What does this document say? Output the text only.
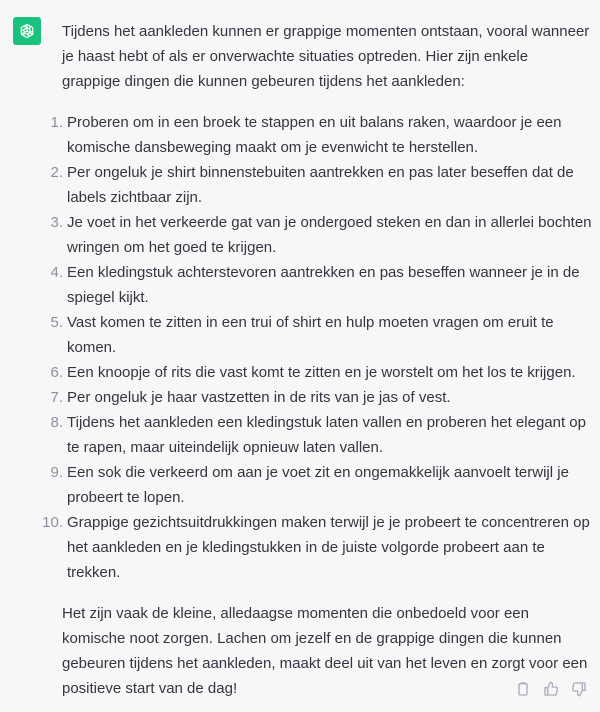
Tijdens het aankleden kunnen er grappige momenten ontstaan, vooral wanneer je haast hebt of als er onverwachte situaties optreden. Hier zijn enkele grappige dingen die kunnen gebeuren tijdens het aankleden:

1. Proberen om in een broek te stappen en uit balans raken, waardoor je een komische dansbeweging maakt om je evenwicht te herstellen.
2. Per ongeluk je shirt binnenstebuiten aantrekken en pas later beseffen dat de labels zichtbaar zijn.
3. Je voet in het verkeerde gat van je ondergoed steken en dan in allerlei bochten wringen om het goed te krijgen.
4. Een kledingstuk achterstevoren aantrekken en pas beseffen wanneer je in de spiegel kijkt.
5. Vast komen te zitten in een trui of shirt en hulp moeten vragen om eruit te komen.
6. Een knoopje of rits die vast komt te zitten en je worstelt om het los te krijgen.
7. Per ongeluk je haar vastzetten in de rits van je jas of vest.
8. Tijdens het aankleden een kledingstuk laten vallen en proberen het elegant op te rapen, maar uiteindelijk opnieuw laten vallen.
9. Een sok die verkeerd om aan je voet zit en ongemakkelijk aanvoelt terwijl je probeert te lopen.
10. Grappige gezichtsuitdrukkingen maken terwijl je je probeert te concentreren op het aankleden en je kledingstukken in de juiste volgorde probeert aan te trekken.

Het zijn vaak de kleine, alledaagse momenten die onbedoeld voor een komische noot zorgen. Lachen om jezelf en de grappige dingen die kunnen gebeuren tijdens het aankleden, maakt deel uit van het leven en zorgt voor een positieve start van de dag!
